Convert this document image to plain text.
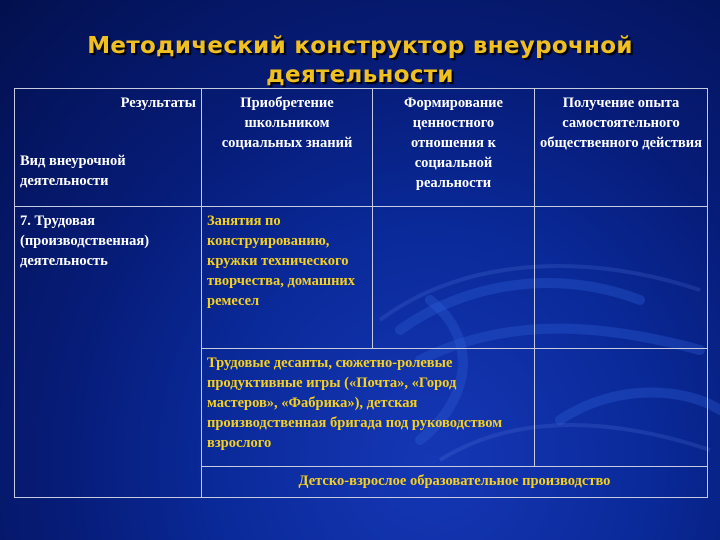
Методический конструктор внеурочной деятельности
Результаты
Вид внеурочной деятельности	Приобретение школьником социальных знаний	Формирование ценностного отношения к социальной реальности	Получение опыта самостоятельного общественного действия
7. Трудовая (производственная) деятельность	Занятия по конструированию, кружки технического творчества, домашних ремесел		
	Трудовые десанты, сюжетно-ролевые продуктивные игры («Почта», «Город мастеров», «Фабрика»), детская производственная бригада под руководством взрослого		
	Детско-взрослое образовательное производство		
